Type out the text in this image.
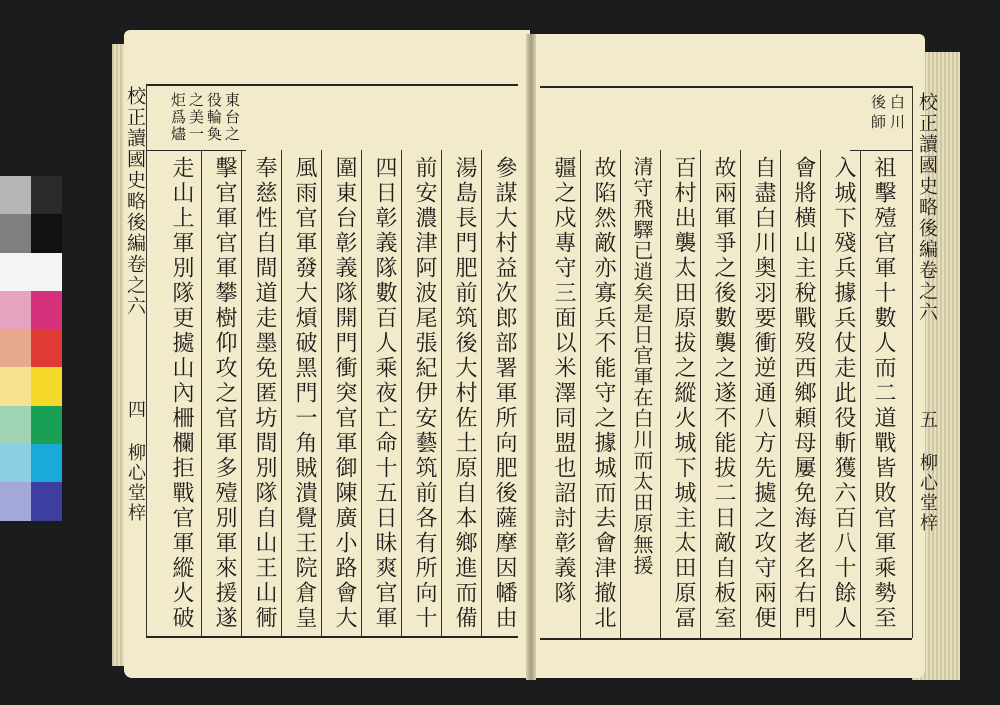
校正讀國史略後編卷之六
四 柳心堂梓
東台之
役輪奐
之美一
炬爲燼
參謀大村益次郎部署軍所向肥後薩摩因幡由
湯島長門肥前筑後大村佐土原自本鄉進而備
前安濃津阿波尾張紀伊安藝筑前各有所向十
四日彰義隊數百人乘夜亡命十五日昧爽官軍
圍東台彰義隊開門衝突官軍御陳廣小路會大
風雨官軍發大熕破黑門一角賊潰覺王院倉皇
奉慈性自間道走墨免匿坊間別隊自山王山衕
擊官軍官軍攀樹仰攻之官軍多殪別軍來援遂
走山上軍別隊更㨿山內柵欄拒戰官軍縱火破	校正讀國史略後編卷之六
五 柳心堂梓
白
川
後
師
祖擊殪官軍十數人而二道戰皆敗官軍乘勢至
入城下殘兵據兵仗走此役斬獲六百八十餘人
會將横山主稅戰歿西鄉頼母屢免海老名右門
自盡白川奥羽要衝逆通八方先㨿之攻守兩便
故兩軍爭之後數襲之遂不能拔二日敵自板室
百村出襲太田原拔之縱火城下城主太田原冨
清守飛驛已逍矣是日官軍在白川而太田原無援
故陷然敵亦寡兵不能守之據城而去會津撤北
疆之戍專守三面以米澤同盟也詔討彰義隊
